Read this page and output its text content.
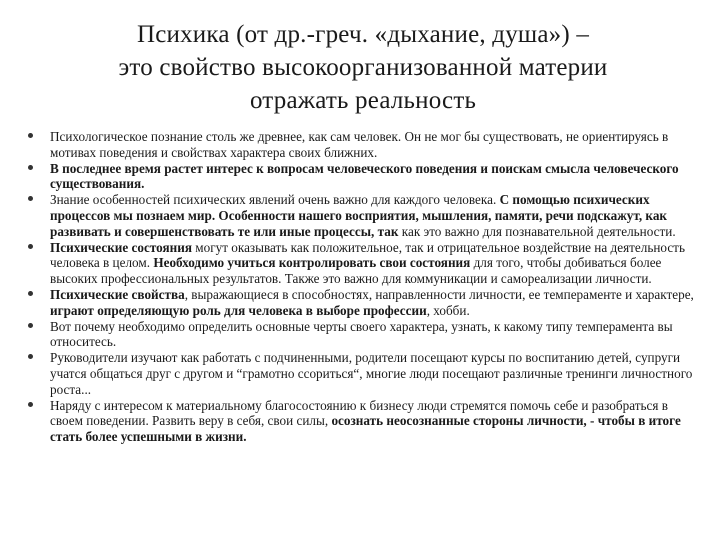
Психика (от др.-греч. «дыхание, душа») –
это свойство высокоорганизованной материи
отражать реальность
Психологическое познание столь же древнее, как сам человек. Он не мог бы существовать, не ориентируясь в мотивах поведения и свойствах характера своих ближних.
В последнее время растет интерес к вопросам человеческого поведения и поискам смысла человеческого существования.
Знание особенностей психических явлений очень важно для каждого человека. С помощью психических процессов мы познаем мир. Особенности нашего восприятия, мышления, памяти, речи подскажут, как развивать и совершенствовать те или иные процессы, так как это важно для познавательной деятельности.
Психические состояния могут оказывать как положительное, так и отрицательное воздействие на деятельность человека в целом. Необходимо учиться контролировать свои состояния для того, чтобы добиваться более высоких профессиональных результатов. Также это важно для коммуникации и самореализации личности.
Психические свойства, выражающиеся в способностях, направленности личности, ее темпераменте и характере, играют определяющую роль для человека в выборе профессии, хобби.
Вот почему необходимо определить основные черты своего характера, узнать, к какому типу темперамента вы относитесь.
Руководители изучают как работать с подчиненными, родители посещают курсы по воспитанию детей, супруги учатся общаться друг с другом и “грамотно ссориться“, многие люди посещают различные тренинги личностного роста...
Наряду с интересом к материальному благосостоянию к бизнесу люди стремятся помочь себе и разобраться в своем поведении. Развить веру в себя, свои силы, осознать неосознанные стороны личности, - чтобы в итоге стать более успешными в жизни.
